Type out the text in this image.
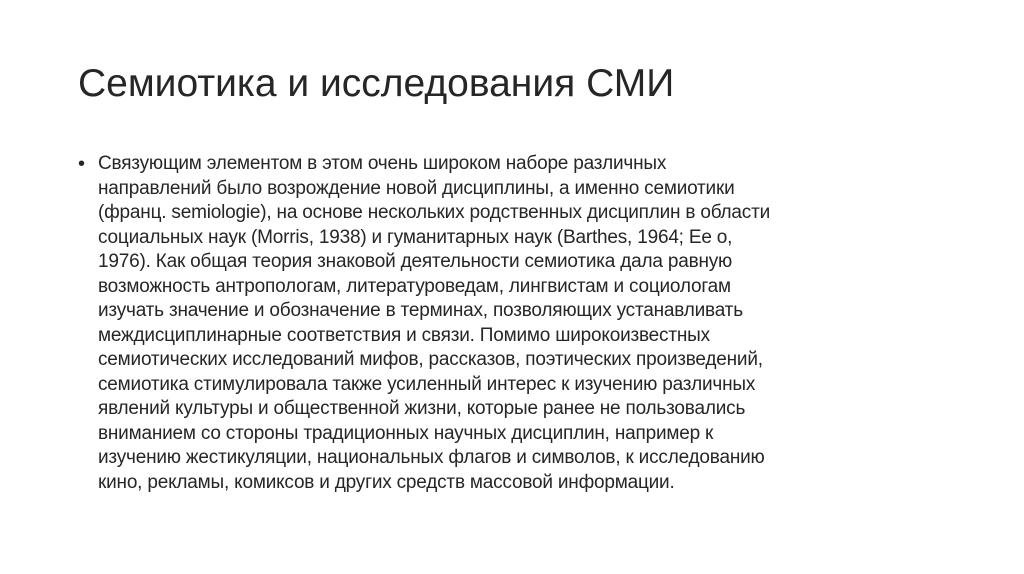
Семиотика и исследования СМИ
• Связующим элементом в этом очень широком наборе различных
направлений было возрождение новой дисциплины, а именно семиотики
(франц. semiologie), на основе нескольких родственных дисциплин в области
социальных наук (Morris, 1938) и гуманитарных наук (Barthes, 1964; Ee о,
1976). Как общая теория знаковой деятельности семиотика дала равную
возможность антропологам, литературоведам, лингвистам и социологам
изучать значение и обозначение в терминах, позволяющих устанавливать
междисциплинарные соответствия и связи. Помимо широкоизвестных
семиотических исследований мифов, рассказов, поэтических произведений,
семиотика стимулировала также усиленный интерес к изучению различных
явлений культуры и общественной жизни, которые ранее не пользовались
вниманием со стороны традиционных научных дисциплин, например к
изучению жестикуляции, национальных флагов и символов, к исследованию
кино, рекламы, комиксов и других средств массовой информации.
